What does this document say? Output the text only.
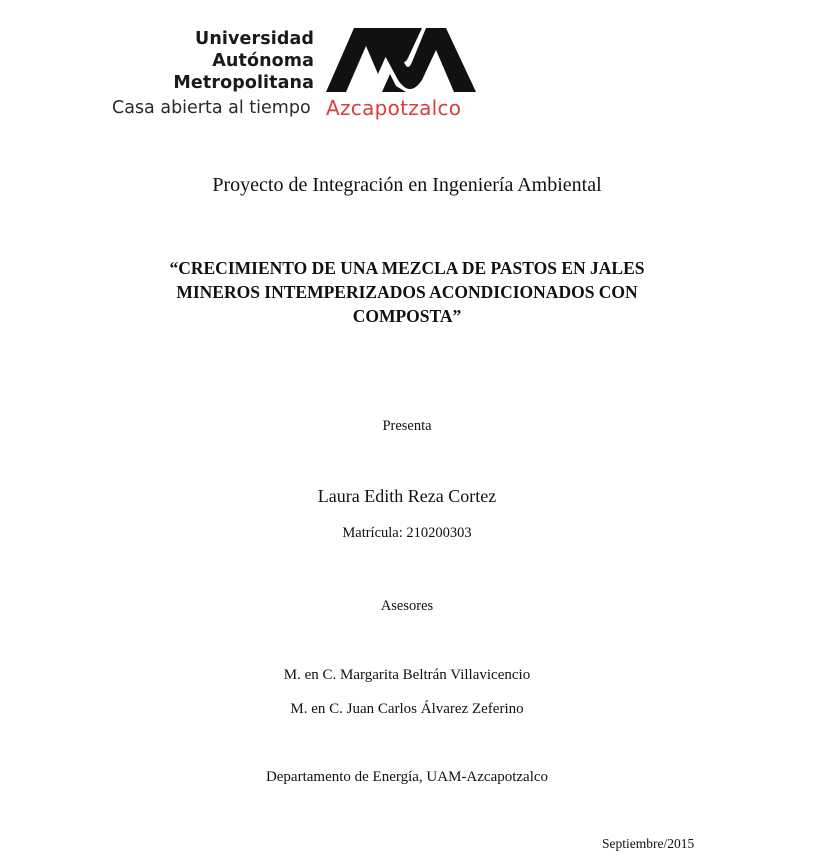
Universidad
Autónoma
Metropolitana
Casa abierta al tiempo Azcapotzalco
Proyecto de Integración en Ingeniería Ambiental
“CRECIMIENTO DE UNA MEZCLA DE PASTOS EN JALES MINEROS INTEMPERIZADOS ACONDICIONADOS CON COMPOSTA”
Presenta
Laura Edith Reza Cortez
Matrícula: 210200303
Asesores
M. en C. Margarita Beltrán Villavicencio
M. en C. Juan Carlos Álvarez Zeferino
Departamento de Energía, UAM-Azcapotzalco
Septiembre/2015
